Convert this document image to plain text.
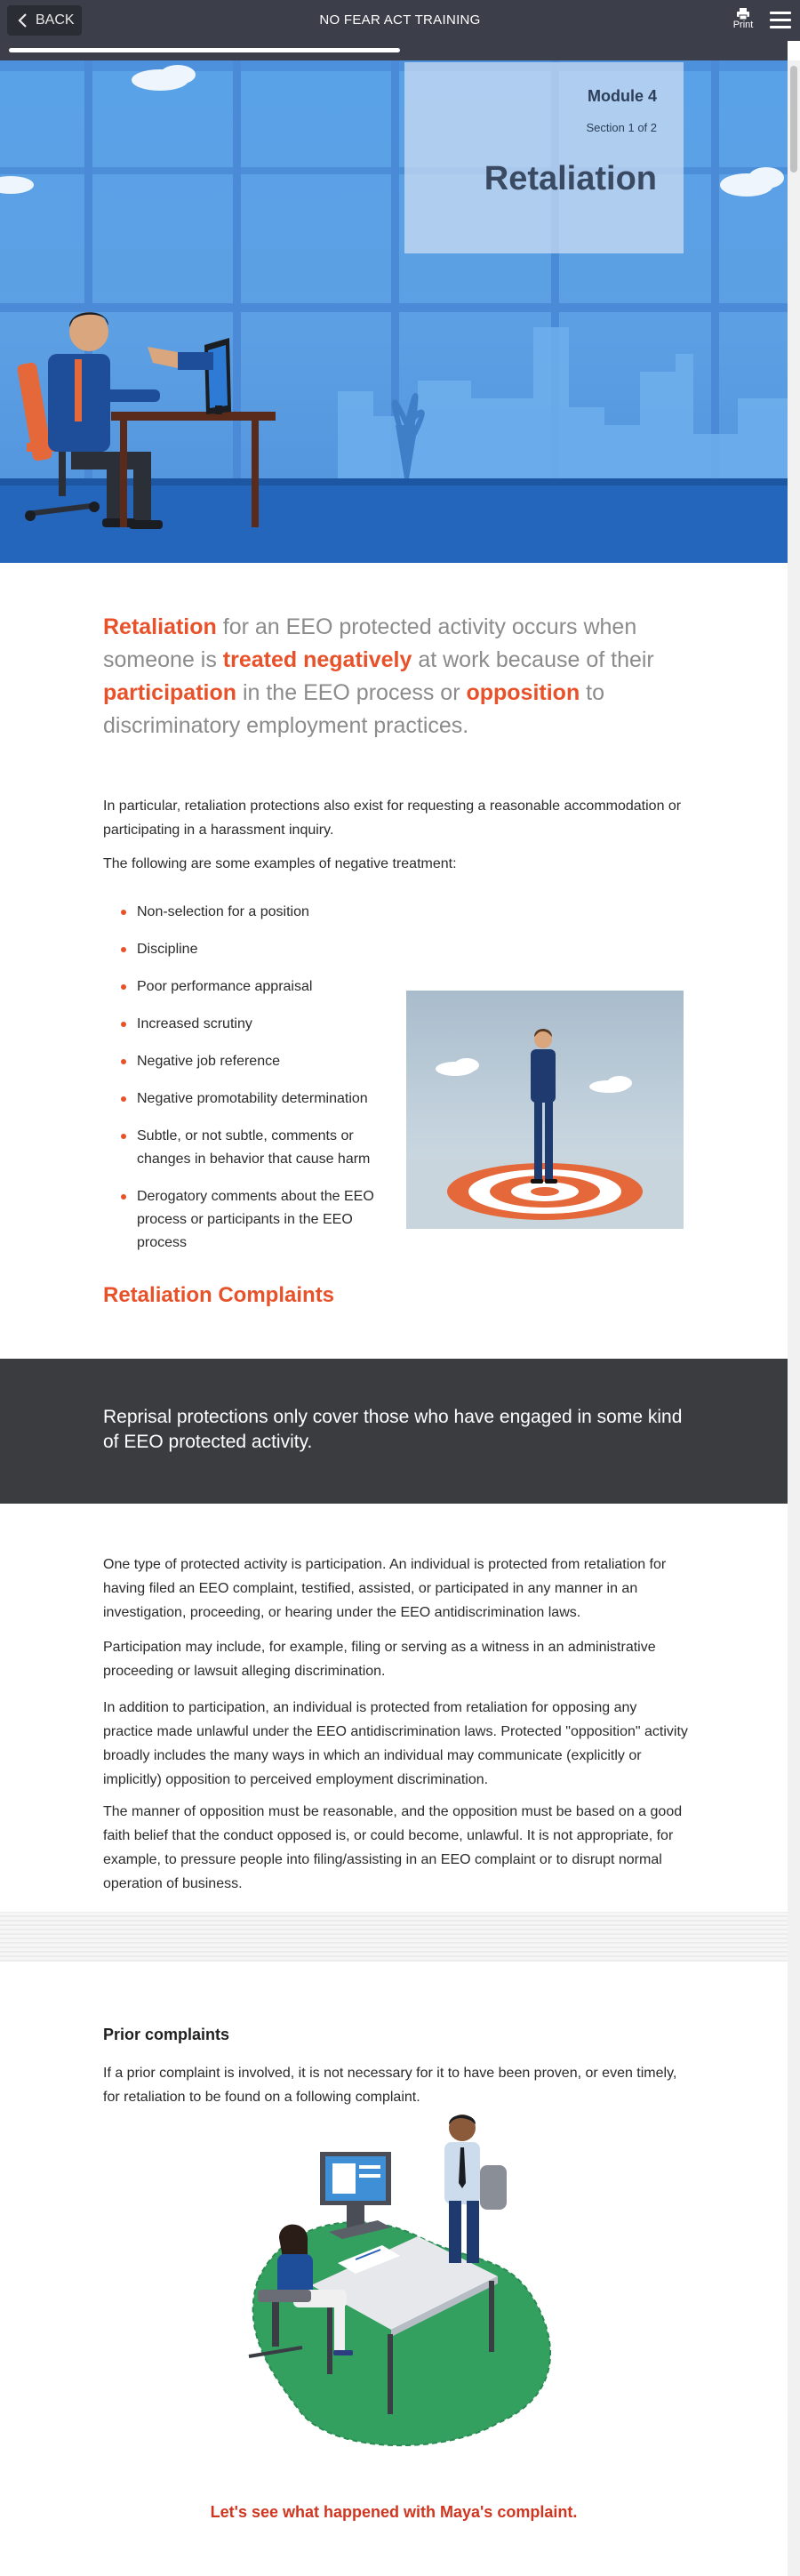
BACK	NO FEAR ACT TRAINING	Print
Module 4
Section 1 of 2
Retaliation
Retaliation for an EEO protected activity occurs when someone is treated negatively at work because of their participation in the EEO process or opposition to discriminatory employment practices.

In particular, retaliation protections also exist for requesting a reasonable accommodation or participating in a harassment inquiry.

The following are some examples of negative treatment:

Non-selection for a position
Discipline
Poor performance appraisal
Increased scrutiny
Negative job reference
Negative promotability determination
Subtle, or not subtle, comments or changes in behavior that cause harm
Derogatory comments about the EEO process or participants in the EEO process
Retaliation Complaints
Reprisal protections only cover those who have engaged in some kind of EEO protected activity.

One type of protected activity is participation. An individual is protected from retaliation for having filed an EEO complaint, testified, assisted, or participated in any manner in an investigation, proceeding, or hearing under the EEO antidiscrimination laws.

Participation may include, for example, filing or serving as a witness in an administrative proceeding or lawsuit alleging discrimination.

In addition to participation, an individual is protected from retaliation for opposing any practice made unlawful under the EEO antidiscrimination laws. Protected "opposition" activity broadly includes the many ways in which an individual may communicate (explicitly or implicitly) opposition to perceived employment discrimination.

The manner of opposition must be reasonable, and the opposition must be based on a good faith belief that the conduct opposed is, or could become, unlawful. It is not appropriate, for example, to pressure people into filing/assisting in an EEO complaint or to disrupt normal operation of business.

Prior complaints

If a prior complaint is involved, it is not necessary for it to have been proven, or even timely, for retaliation to be found on a following complaint.

Let's see what happened with Maya's complaint.
